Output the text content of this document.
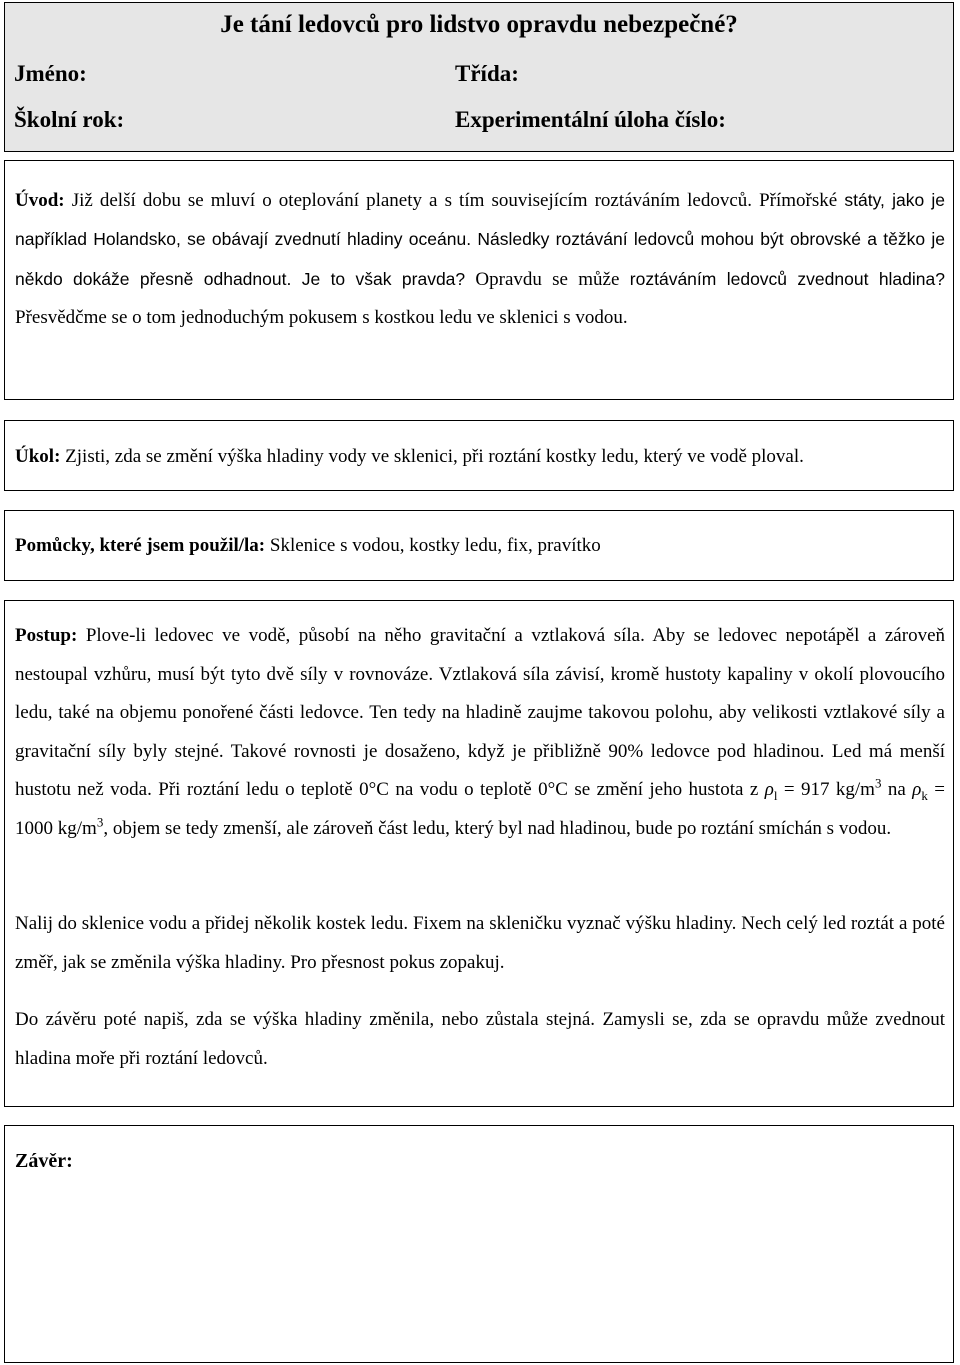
Je tání ledovců pro lidstvo opravdu nebezpečné?
Jméno:	Třída:
Školní rok:	Experimentální úloha číslo:
Úvod: Již delší dobu se mluví o oteplování planety a s tím souvisejícím roztáváním ledovců. Přímořské státy, jako je například Holandsko, se obávají zvednutí hladiny oceánu. Následky roztávání ledovců mohou být obrovské a těžko je někdo dokáže přesně odhadnout. Je to však pravda? Opravdu se může roztáváním ledovců zvednout hladina? Přesvědčme se o tom jednoduchým pokusem s kostkou ledu ve sklenici s vodou.
Úkol: Zjisti, zda se změní výška hladiny vody ve sklenici, při roztání kostky ledu, který ve vodě ploval.
Pomůcky, které jsem použil/la: Sklenice s vodou, kostky ledu, fix, pravítko
Postup: Plove-li ledovec ve vodě, působí na něho gravitační a vztlaková síla. Aby se ledovec nepotápěl a zároveň nestoupal vzhůru, musí být tyto dvě síly v rovnováze. Vztlaková síla závisí, kromě hustoty kapaliny v okolí plovoucího ledu, také na objemu ponořené části ledovce. Ten tedy na hladině zaujme takovou polohu, aby velikosti vztlakové síly a gravitační síly byly stejné. Takové rovnosti je dosaženo, když je přibližně 90% ledovce pod hladinou. Led má menší hustotu než voda. Při roztání ledu o teplotě 0°C na vodu o teplotě 0°C se změní jeho hustota z $\rho_l = 917$ $kg/m^3$ na $\rho_k = 1000$ $kg/m^3$, objem se tedy zmenší, ale zároveň část ledu, který byl nad hladinou, bude po roztání smíchán s vodou.
Nalij do sklenice vodu a přidej několik kostek ledu. Fixem na skleničku vyznač výšku hladiny. Nech celý led roztát a poté změř, jak se změnila výška hladiny. Pro přesnost pokus zopakuj.
Do závěru poté napiš, zda se výška hladiny změnila, nebo zůstala stejná. Zamysli se, zda se opravdu může zvednout hladina moře při roztání ledovců.
Závěr:
